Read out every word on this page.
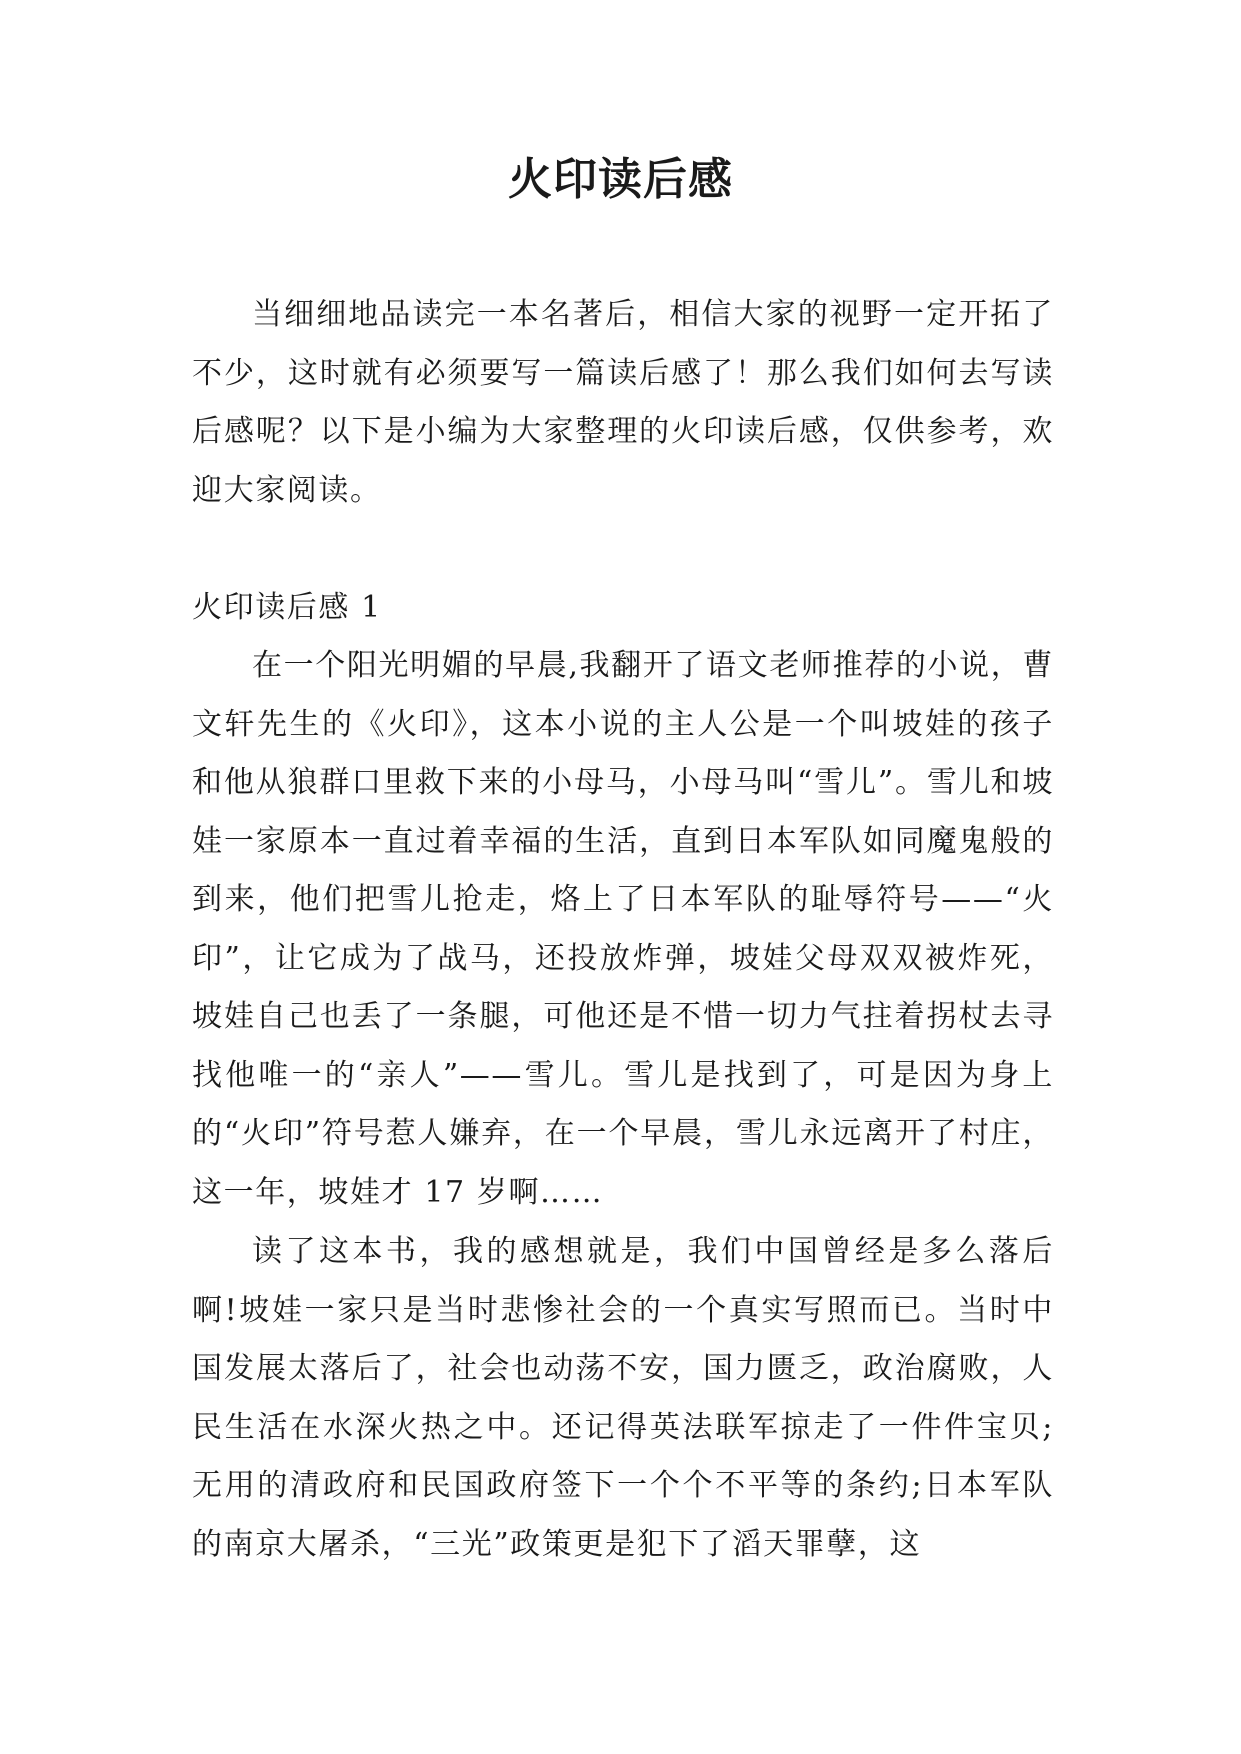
火印读后感

当细细地品读完一本名著后，相信大家的视野一定开拓了不少，这时就有必须要写一篇读后感了！那么我们如何去写读后感呢？以下是小编为大家整理的火印读后感，仅供参考，欢迎大家阅读。

火印读后感 1

在一个阳光明媚的早晨,我翻开了语文老师推荐的小说，曹文轩先生的《火印》，这本小说的主人公是一个叫坡娃的孩子和他从狼群口里救下来的小母马，小母马叫“雪儿”。雪儿和坡娃一家原本一直过着幸福的生活，直到日本军队如同魔鬼般的到来，他们把雪儿抢走，烙上了日本军队的耻辱符号——“火印”，让它成为了战马，还投放炸弹，坡娃父母双双被炸死，坡娃自己也丢了一条腿，可他还是不惜一切力气拄着拐杖去寻找他唯一的“亲人”——雪儿。雪儿是找到了，可是因为身上的“火印”符号惹人嫌弃，在一个早晨，雪儿永远离开了村庄，这一年，坡娃才 17 岁啊……

读了这本书，我的感想就是，我们中国曾经是多么落后啊!坡娃一家只是当时悲惨社会的一个真实写照而已。当时中国发展太落后了，社会也动荡不安，国力匮乏，政治腐败，人民生活在水深火热之中。还记得英法联军掠走了一件件宝贝;无用的清政府和民国政府签下一个个不平等的条约;日本军队的南京大屠杀，“三光”政策更是犯下了滔天罪孽，这
